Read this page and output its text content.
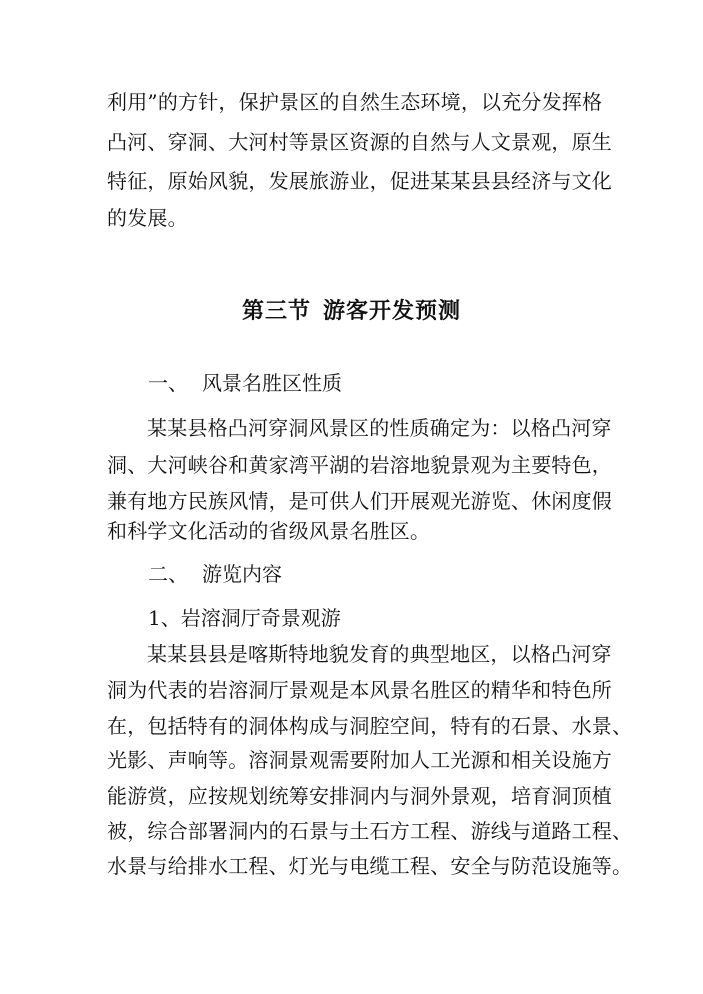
利用”的方针，保护景区的自然生态环境，以充分发挥格
凸河、穿洞、大河村等景区资源的自然与人文景观，原生
特征，原始风貌，发展旅游业，促进某某县县经济与文化
的发展。
第三节 游客开发预测
一、 风景名胜区性质
某某县格凸河穿洞风景区的性质确定为：以格凸河穿
洞、大河峡谷和黄家湾平湖的岩溶地貌景观为主要特色，
兼有地方民族风情，是可供人们开展观光游览、休闲度假
和科学文化活动的省级风景名胜区。
二、 游览内容
1、岩溶洞厅奇景观游
某某县县是喀斯特地貌发育的典型地区，以格凸河穿
洞为代表的岩溶洞厅景观是本风景名胜区的精华和特色所
在，包括特有的洞体构成与洞腔空间，特有的石景、水景、
光影、声响等。溶洞景观需要附加人工光源和相关设施方
能游赏，应按规划统筹安排洞内与洞外景观，培育洞顶植
被，综合部署洞内的石景与土石方工程、游线与道路工程、
水景与给排水工程、灯光与电缆工程、安全与防范设施等。
